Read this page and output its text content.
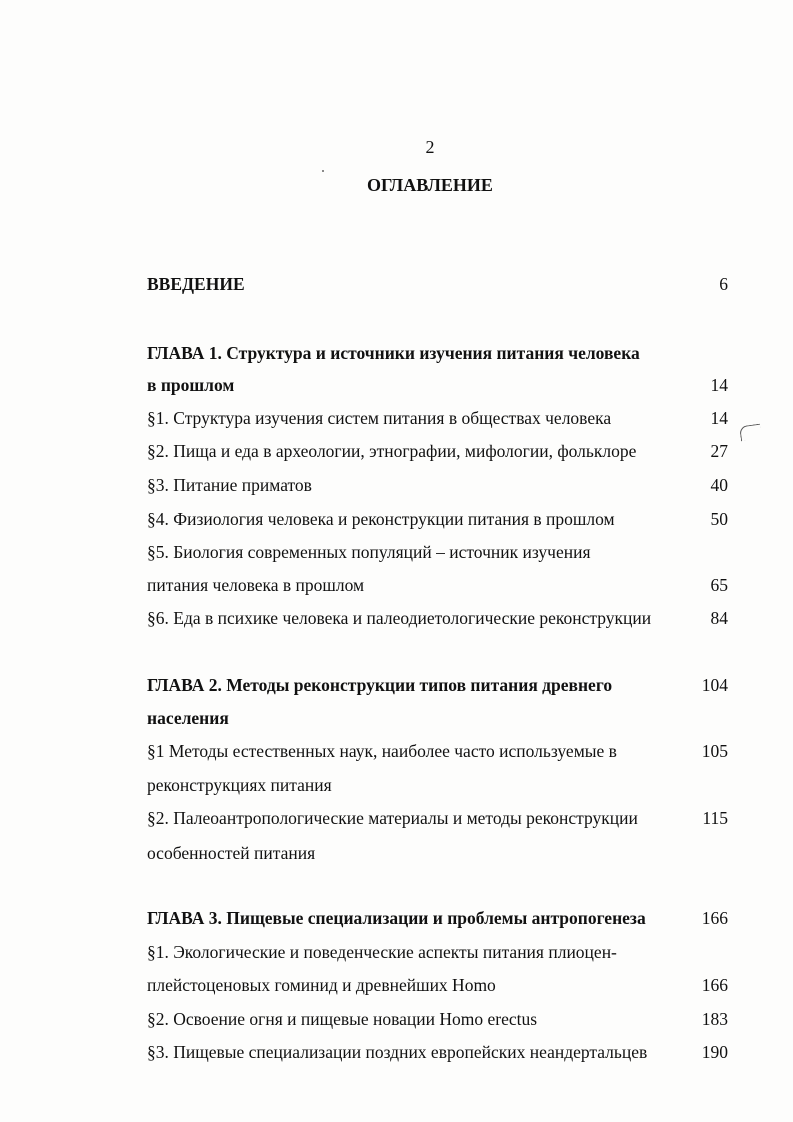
2
ОГЛАВЛЕНИЕ
ВВЕДЕНИЕ	6
ГЛАВА 1. Структура и источники изучения питания человека
в прошлом	14
§1. Структура изучения систем питания в обществах человека	14
§2. Пища и еда в археологии, этнографии, мифологии, фольклоре	27
§3. Питание приматов	40
§4. Физиология человека и реконструкции питания в прошлом	50
§5. Биология современных популяций – источник изучения
питания человека в прошлом	65
§6. Еда в психике человека и палеодиетологические реконструкции	84
ГЛАВА 2. Методы реконструкции типов питания древнего	104
населения
§1 Методы естественных наук, наиболее часто используемые в	105
реконструкциях питания
§2. Палеоантропологические материалы и методы реконструкции	115
особенностей питания
ГЛАВА 3. Пищевые специализации и проблемы антропогенеза	166
§1. Экологические и поведенческие аспекты питания плиоцен-
плейстоценовых гоминид и древнейших Homo	166
§2. Освоение огня и пищевые новации Homo erectus	183
§3. Пищевые специализации поздних европейских неандертальцев	190
